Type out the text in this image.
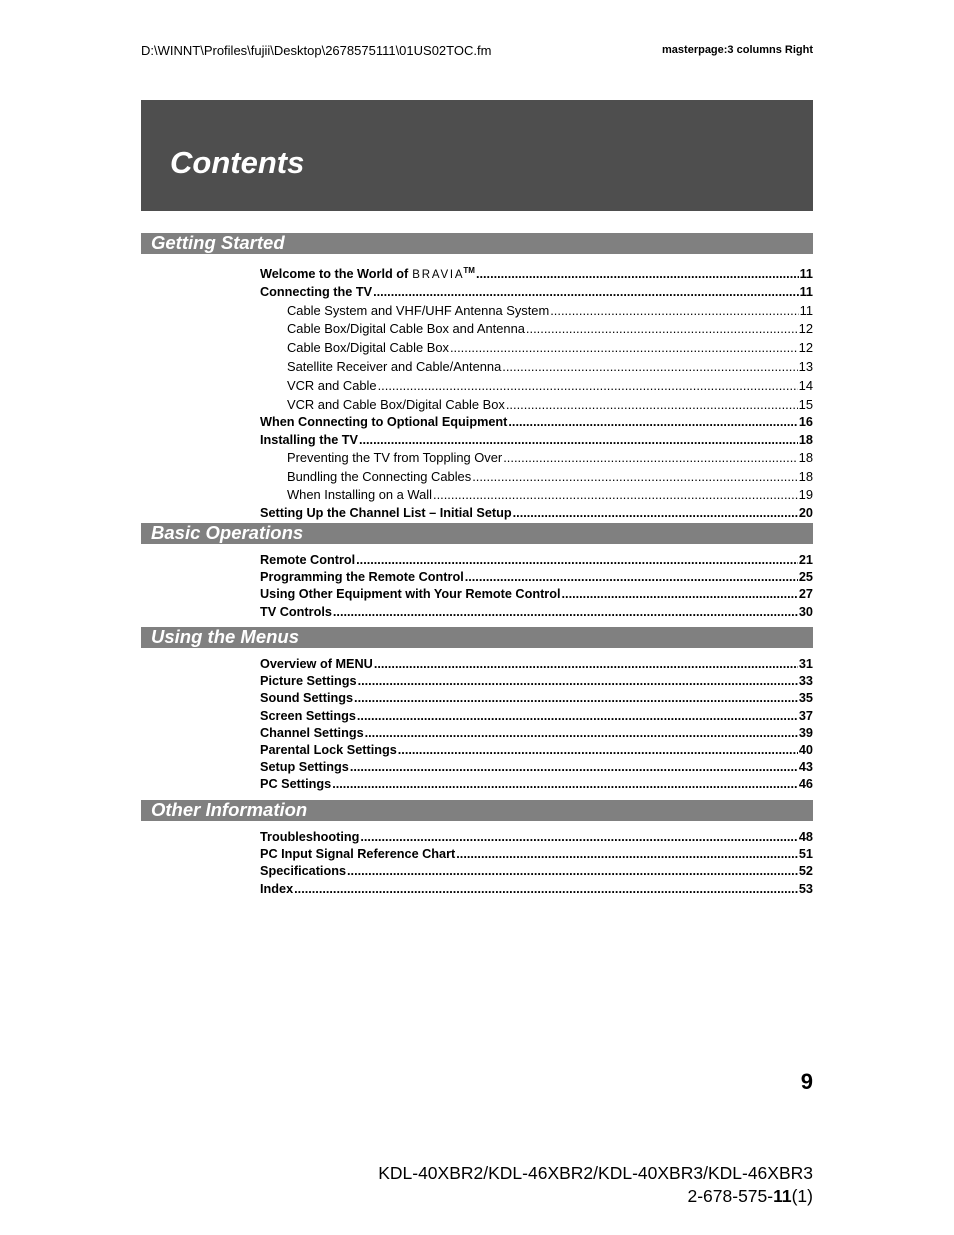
D:\WINNT\Profiles\fujii\Desktop\2678575111\01US02TOC.fm	masterpage:3 columns Right
Contents
Getting Started
Welcome to the World of BRAVIA™ .....	11
Connecting the TV .....	11
Cable System and VHF/UHF Antenna System .....	11
Cable Box/Digital Cable Box and Antenna .....	12
Cable Box/Digital Cable Box .....	12
Satellite Receiver and Cable/Antenna .....	13
VCR and Cable .....	14
VCR and Cable Box/Digital Cable Box .....	15
When Connecting to Optional Equipment .....	16
Installing the TV .....	18
Preventing the TV from Toppling Over .....	18
Bundling the Connecting Cables .....	18
When Installing on a Wall .....	19
Setting Up the Channel List – Initial Setup .....	20
Basic Operations
Remote Control .....	21
Programming the Remote Control .....	25
Using Other Equipment with Your Remote Control .....	27
TV Controls .....	30
Using the Menus
Overview of MENU .....	31
Picture Settings .....	33
Sound Settings .....	35
Screen Settings .....	37
Channel Settings .....	39
Parental Lock Settings .....	40
Setup Settings .....	43
PC Settings .....	46
Other Information
Troubleshooting .....	48
PC Input Signal Reference Chart .....	51
Specifications .....	52
Index .....	53
9
KDL-40XBR2/KDL-46XBR2/KDL-40XBR3/KDL-46XBR3
2-678-575-11(1)
